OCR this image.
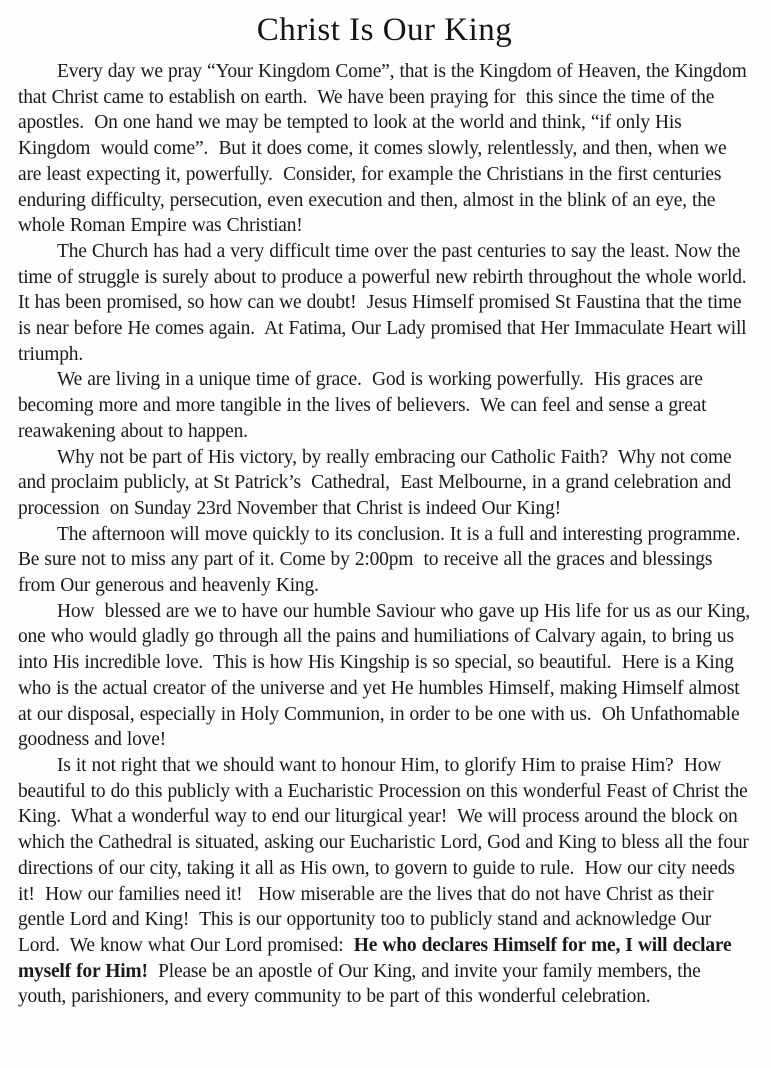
Christ Is Our King

Every day we pray “Your Kingdom Come”, that is the Kingdom of Heaven, the Kingdom that Christ came to establish on earth.  We have been praying for  this since the time of the apostles.  On one hand we may be tempted to look at the world and think, “if only His Kingdom  would come”.  But it does come, it comes slowly, relentlessly, and then, when we are least expecting it, powerfully.  Consider, for example the Christians in the first centuries  enduring difficulty, persecution, even execution and then, almost in the blink of an eye, the whole Roman Empire was Christian!

The Church has had a very difficult time over the past centuries to say the least. Now the time of struggle is surely about to produce a powerful new rebirth throughout the whole world.  It has been promised, so how can we doubt!  Jesus Himself promised St Faustina that the time is near before He comes again.  At Fatima, Our Lady promised that Her Immaculate Heart will triumph.

We are living in a unique time of grace.  God is working powerfully.  His graces are becoming more and more tangible in the lives of believers.  We can feel and sense a great reawakening about to happen.

Why not be part of His victory, by really embracing our Catholic Faith?  Why not come and proclaim publicly, at St Patrick’s  Cathedral,  East Melbourne, in a grand celebration and procession  on Sunday 23rd November that Christ is indeed Our King!

The afternoon will move quickly to its conclusion. It is a full and interesting programme.  Be sure not to miss any part of it. Come by 2:00pm  to receive all the graces and blessings from Our generous and heavenly King.

How  blessed are we to have our humble Saviour who gave up His life for us as our King, one who would gladly go through all the pains and humiliations of Calvary again, to bring us into His incredible love.  This is how His Kingship is so special, so beautiful.  Here is a King who is the actual creator of the universe and yet He humbles Himself, making Himself almost at our disposal, especially in Holy Communion, in order to be one with us.  Oh Unfathomable goodness and love!

Is it not right that we should want to honour Him, to glorify Him to praise Him?  How beautiful to do this publicly with a Eucharistic Procession on this wonderful Feast of Christ the King.  What a wonderful way to end our liturgical year!  We will process around the block on which the Cathedral is situated, asking our Eucharistic Lord, God and King to bless all the four directions of our city, taking it all as His own, to govern to guide to rule.  How our city needs it!  How our families need it!   How miserable are the lives that do not have Christ as their gentle Lord and King!  This is our opportunity too to publicly stand and acknowledge Our Lord.  We know what Our Lord promised:  He who declares Himself for me, I will declare myself for Him!  Please be an apostle of Our King, and invite your family members, the youth, parishioners, and every community to be part of this wonderful celebration.
